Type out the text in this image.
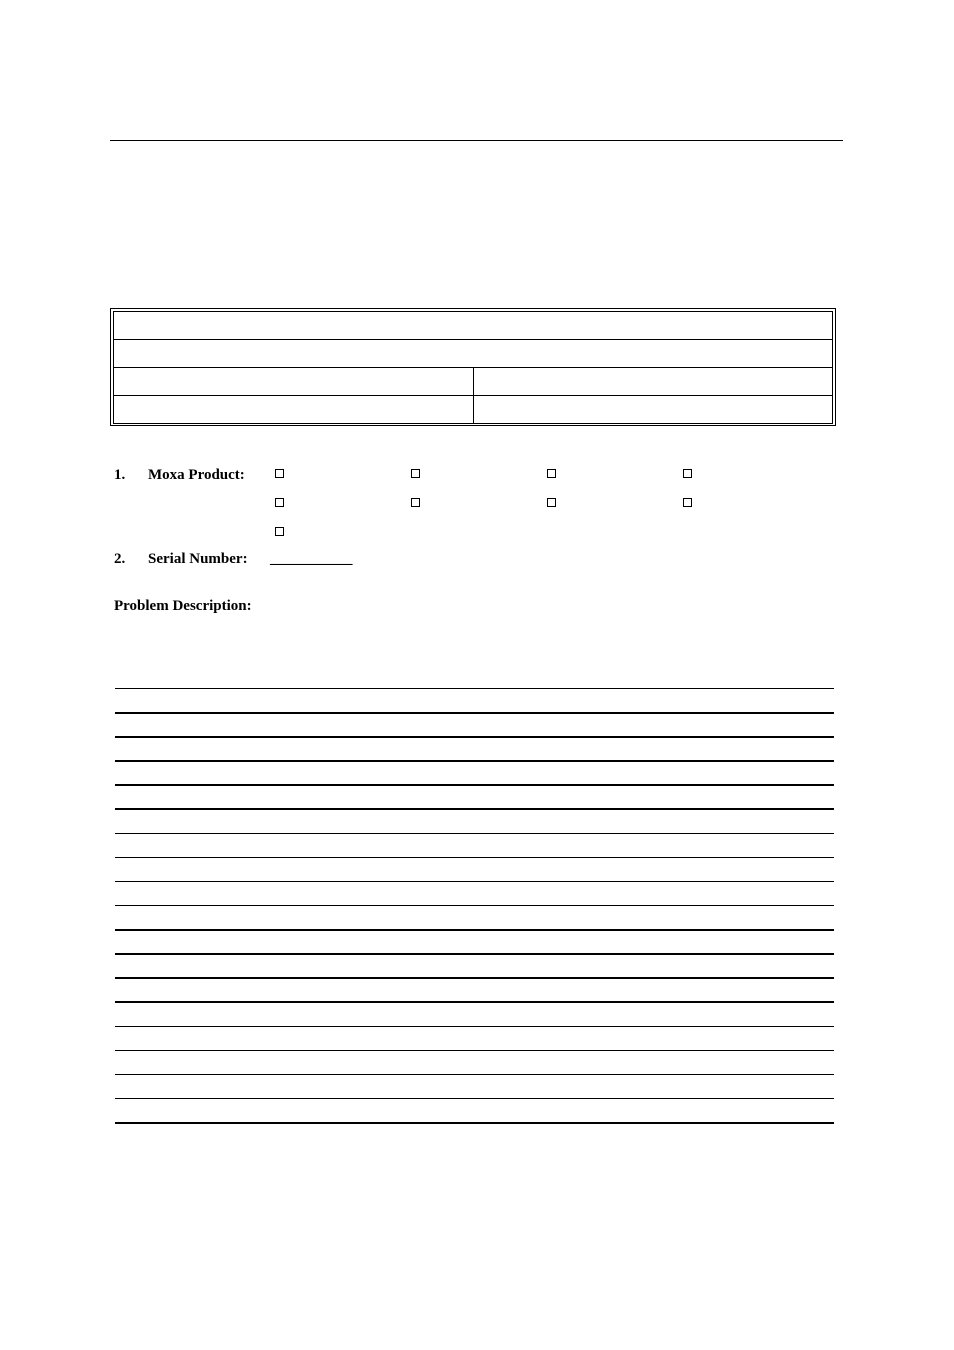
1. Moxa Product:
2. Serial Number: ___________
Problem Description:
